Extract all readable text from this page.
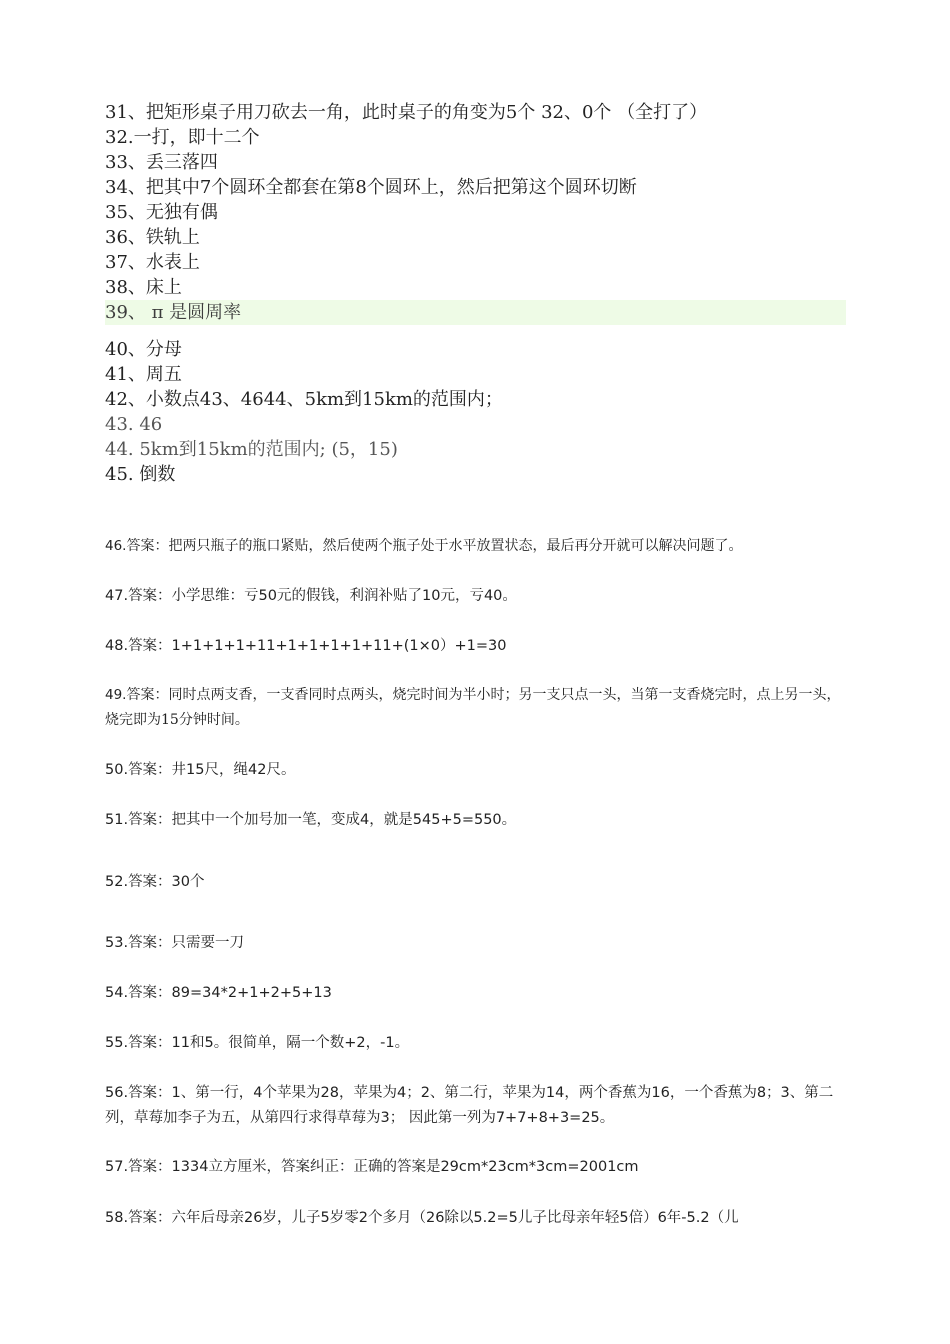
31、把矩形桌子用刀砍去一角，此时桌子的角变为5个 32、0个 （全打了）
32.一打，即十二个
33、丢三落四
34、把其中7个圆环全都套在第8个圆环上，然后把第这个圆环切断
35、无独有偶
36、铁轨上
37、水表上
38、床上
39、 π 是圆周率
40、分母
41、周五
42、小数点43、4644、5km到15km的范围内；
43. 46
44. 5km到15km的范围内; (5，15)
45. 倒数
46.答案：把两只瓶子的瓶口紧贴，然后使两个瓶子处于水平放置状态，最后再分开就可以解决问题了。
47.答案：小学思维：亏50元的假钱，利润补贴了10元，亏40。
48.答案：1+1+1+1+11+1+1+1+1+11+(1×0）+1=30
49.答案：同时点两支香，一支香同时点两头，烧完时间为半小时；另一支只点一头，当第一支香烧完时，点上另一头，烧完即为15分钟时间。
50.答案：井15尺，绳42尺。
51.答案：把其中一个加号加一笔，变成4，就是545+5=550。
52.答案：30个
53.答案：只需要一刀
54.答案：89=34*2+1+2+5+13
55.答案：11和5。很简单，隔一个数+2，-1。
56.答案：1、第一行，4个苹果为28，苹果为4；2、第二行，苹果为14，两个香蕉为16，一个香蕉为8；3、第二列，草莓加李子为五，从第四行求得草莓为3； 因此第一列为7+7+8+3=25。
57.答案：1334立方厘米，答案纠正：正确的答案是29cm*23cm*3cm=2001cm
58.答案：六年后母亲26岁，儿子5岁零2个多月（26除以5.2=5儿子比母亲年轻5倍）6年-5.2（儿
